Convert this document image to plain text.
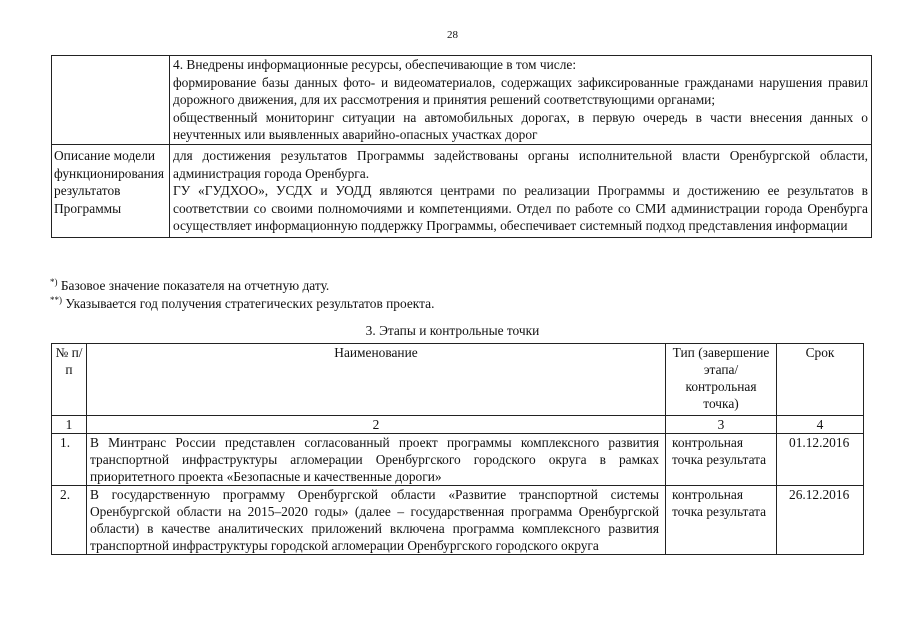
28

	4. Внедрены информационные ресурсы, обеспечивающие в том числе:

формирование базы данных фото- и видеоматериалов, содержащих зафиксированные гражданами нарушения правил дорожного движения, для их рассмотрения и принятия решений соответствующими органами;

общественный мониторинг ситуации на автомобильных дорогах, в первую очередь в части внесения данных о неучтенных или выявленных аварийно-опасных участках дорог

Описание модели функционирования результатов Программы	для достижения результатов Программы задействованы органы исполнительной власти Оренбургской области, администрация города Оренбурга.

ГУ «ГУДХОО», УСДХ и УОДД являются центрами по реализации Программы и достижению ее результатов в соответствии со своими полномочиями и компетенциями. Отдел по работе со СМИ администрации города Оренбурга осуществляет информационную поддержку Программы, обеспечивает системный подход представления информации

*) Базовое значение показателя на отчетную дату.

**) Указывается год получения стратегических результатов проекта.

3. Этапы и контрольные точки
№ п/п	Наименование	Тип (завершение этапа/контрольная точка)	Срок
1	2	3	4
1.	В Минтранс России представлен согласованный проект программы комплексного развития транспортной инфраструктуры агломерации Оренбургского городского округа в рамках приоритетного проекта «Безопасные и качественные дороги»	контрольная точка результата	01.12.2016
2.	В государственную программу Оренбургской области «Развитие транспортной системы Оренбургской области на 2015–2020 годы» (далее – государственная программа Оренбургской области) в качестве аналитических приложений включена программа комплексного развития транспортной инфраструктуры городской агломерации Оренбургского городского округа	контрольная точка результата	26.12.2016
